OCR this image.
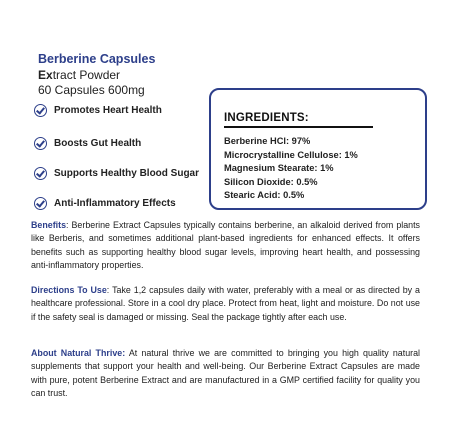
Berberine Capsules
Extract Powder
60 Capsules 600mg
Promotes Heart Health
Boosts Gut Health
Supports Healthy Blood Sugar
Anti-Inflammatory Effects
INGREDIENTS:
Berberine HCl: 97%
Microcrystalline Cellulose: 1%
Magnesium Stearate: 1%
Silicon Dioxide: 0.5%
Stearic Acid: 0.5%
Benefits: Berberine Extract Capsules typically contains berberine, an alkaloid derived from plants like Berberis, and sometimes additional plant-based ingredients for enhanced effects. It offers benefits such as supporting healthy blood sugar levels, improving heart health, and possessing anti-inflammatory properties.
Directions To Use: Take 1,2 capsules daily with water, preferably with a meal or as directed by a healthcare professional. Store in a cool dry place. Protect from heat, light and moisture. Do not use if the safety seal is damaged or missing. Seal the package tightly after each use.
About Natural Thrive: At natural thrive we are committed to bringing you high quality natural supplements that support your health and well-being. Our Berberine Extract Capsules are made with pure, potent Berberine Extract and are manufactured in a GMP certified facility for quality you can trust.
